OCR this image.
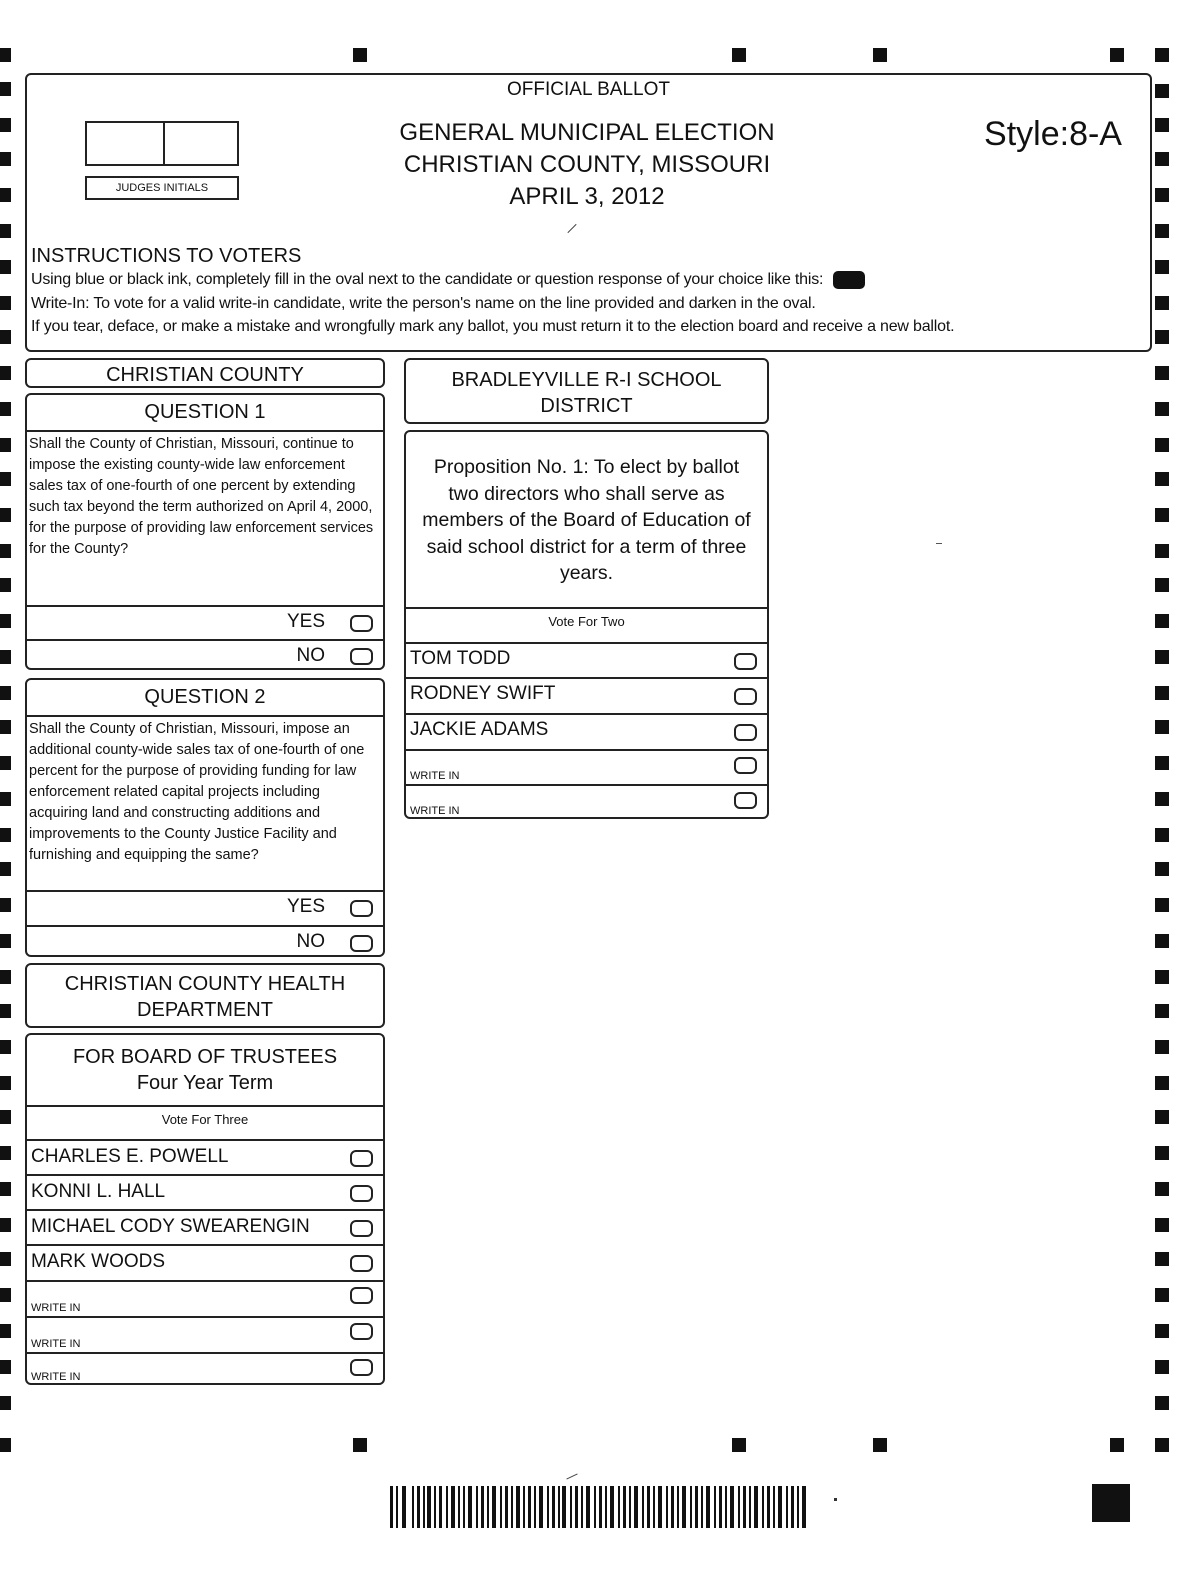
OFFICIAL BALLOT
JUDGES INITIALS
GENERAL MUNICIPAL ELECTION
CHRISTIAN COUNTY, MISSOURI
APRIL 3, 2012
Style:8-A
INSTRUCTIONS TO VOTERS
Using blue or black ink, completely fill in the oval next to the candidate or question response of your choice like this:
Write-In: To vote for a valid write-in candidate, write the person's name on the line provided and darken in the oval.
If you tear, deface, or make a mistake and wrongfully mark any ballot, you must return it to the election board and receive a new ballot.
CHRISTIAN COUNTY
QUESTION 1
Shall the County of Christian, Missouri, continue to impose the existing county-wide law enforcement sales tax of one-fourth of one percent by extending such tax beyond the term authorized on April 4, 2000, for the purpose of providing law enforcement services for the County?
YES
NO
QUESTION 2
Shall the County of Christian, Missouri, impose an additional county-wide sales tax of one-fourth of one percent for the purpose of providing funding for law enforcement related capital projects including acquiring land and constructing additions and improvements to the County Justice Facility and furnishing and equipping the same?
YES
NO
CHRISTIAN COUNTY HEALTH
DEPARTMENT
FOR BOARD OF TRUSTEES
Four Year Term
Vote For Three
CHARLES E. POWELL
KONNI L. HALL
MICHAEL CODY SWEARENGIN
MARK WOODS
WRITE IN
WRITE IN
WRITE IN
BRADLEYVILLE R-I SCHOOL
DISTRICT
Proposition No. 1: To elect by ballot two directors who shall serve as members of the Board of Education of said school district for a term of three years.
Vote For Two
TOM TODD
RODNEY SWIFT
JACKIE ADAMS
WRITE IN
WRITE IN
